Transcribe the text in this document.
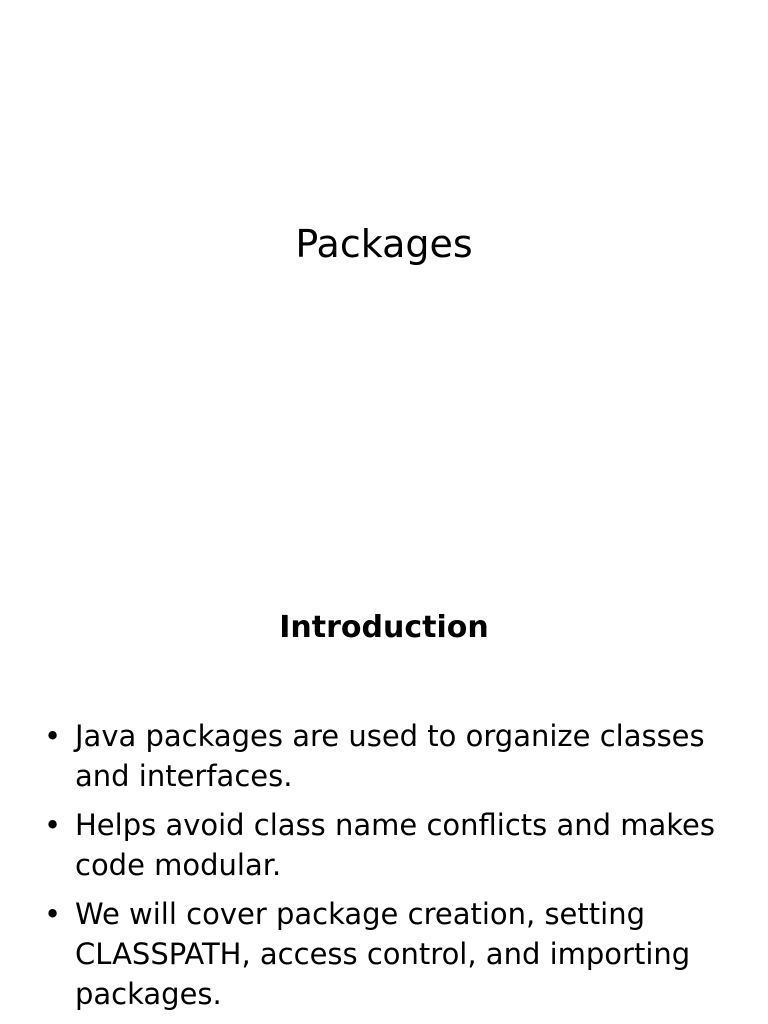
Packages
Introduction
• Java packages are used to organize classes and interfaces.
• Helps avoid class name conflicts and makes code modular.
• We will cover package creation, setting CLASSPATH, access control, and importing packages.
